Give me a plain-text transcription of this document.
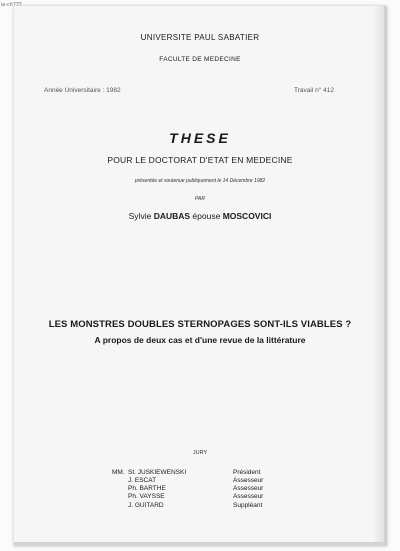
ia-ch???
UNIVERSITE PAUL SABATIER
FACULTE DE MEDECINE
Année Universitaire : 1982	Travail n° 412
THESE
POUR LE DOCTORAT D'ETAT EN MEDECINE
présentée et soutenue publiquement le 14 Décembre 1982
PAR
Sylvie DAUBAS épouse MOSCOVICI
LES MONSTRES DOUBLES STERNOPAGES SONT-ILS VIABLES ?
A propos de deux cas et d'une revue de la littérature
JURY
MM. St. JUSKIEWENSKI	Président
J. ESCAT	Assesseur
Ph. BARTHE	Assesseur
Ph. VAYSSE	Assesseur
J. GUITARD	Suppléant
